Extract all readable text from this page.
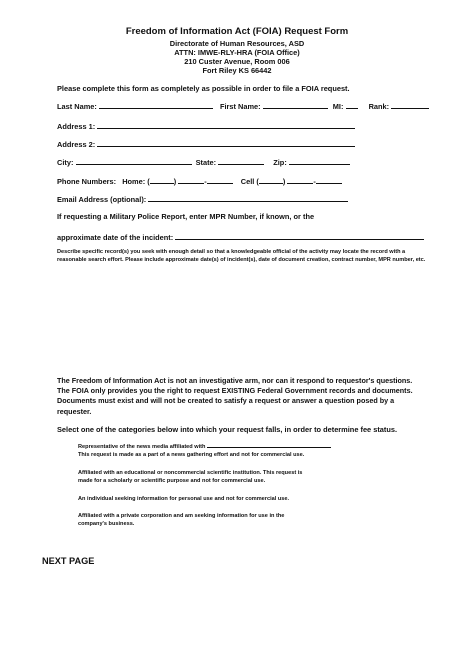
Freedom of Information Act (FOIA) Request Form
Directorate of Human Resources, ASD
ATTN: IMWE-RLY-HRA (FOIA Office)
210 Custer Avenue, Room 006
Fort Riley KS 66442
Please complete this form as completely as possible in order to file a FOIA request.
Last Name:	First Name:	MI:	Rank:
Address 1:
Address 2:
City:	State:	Zip:
Phone Numbers: Home: (	)	-	Cell (	)	-
Email Address (optional):
If requesting a Military Police Report, enter MPR Number, if known, or the
approximate date of the incident:
Describe specific record(s) you seek with enough detail so that a knowledgeable official of the activity may locate the record with a reasonable search effort. Please include approximate date(s) of incident(s), date of document creation, contract number, MPR number, etc.
The Freedom of Information Act is not an investigative arm, nor can it respond to requestor's questions. The FOIA only provides you the right to request EXISTING Federal Government records and documents. Documents must exist and will not be created to satisfy a request or answer a question posed by a requester.
Select one of the categories below into which your request falls, in order to determine fee status.
Representative of the news media affiliated with
This request is made as a part of a news gathering effort and not for commercial use.
Affiliated with an educational or noncommercial scientific institution. This request is
made for a scholarly or scientific purpose and not for commercial use.
An individual seeking information for personal use and not for commercial use.
Affiliated with a private corporation and am seeking information for use in the
company's business.
NEXT PAGE
